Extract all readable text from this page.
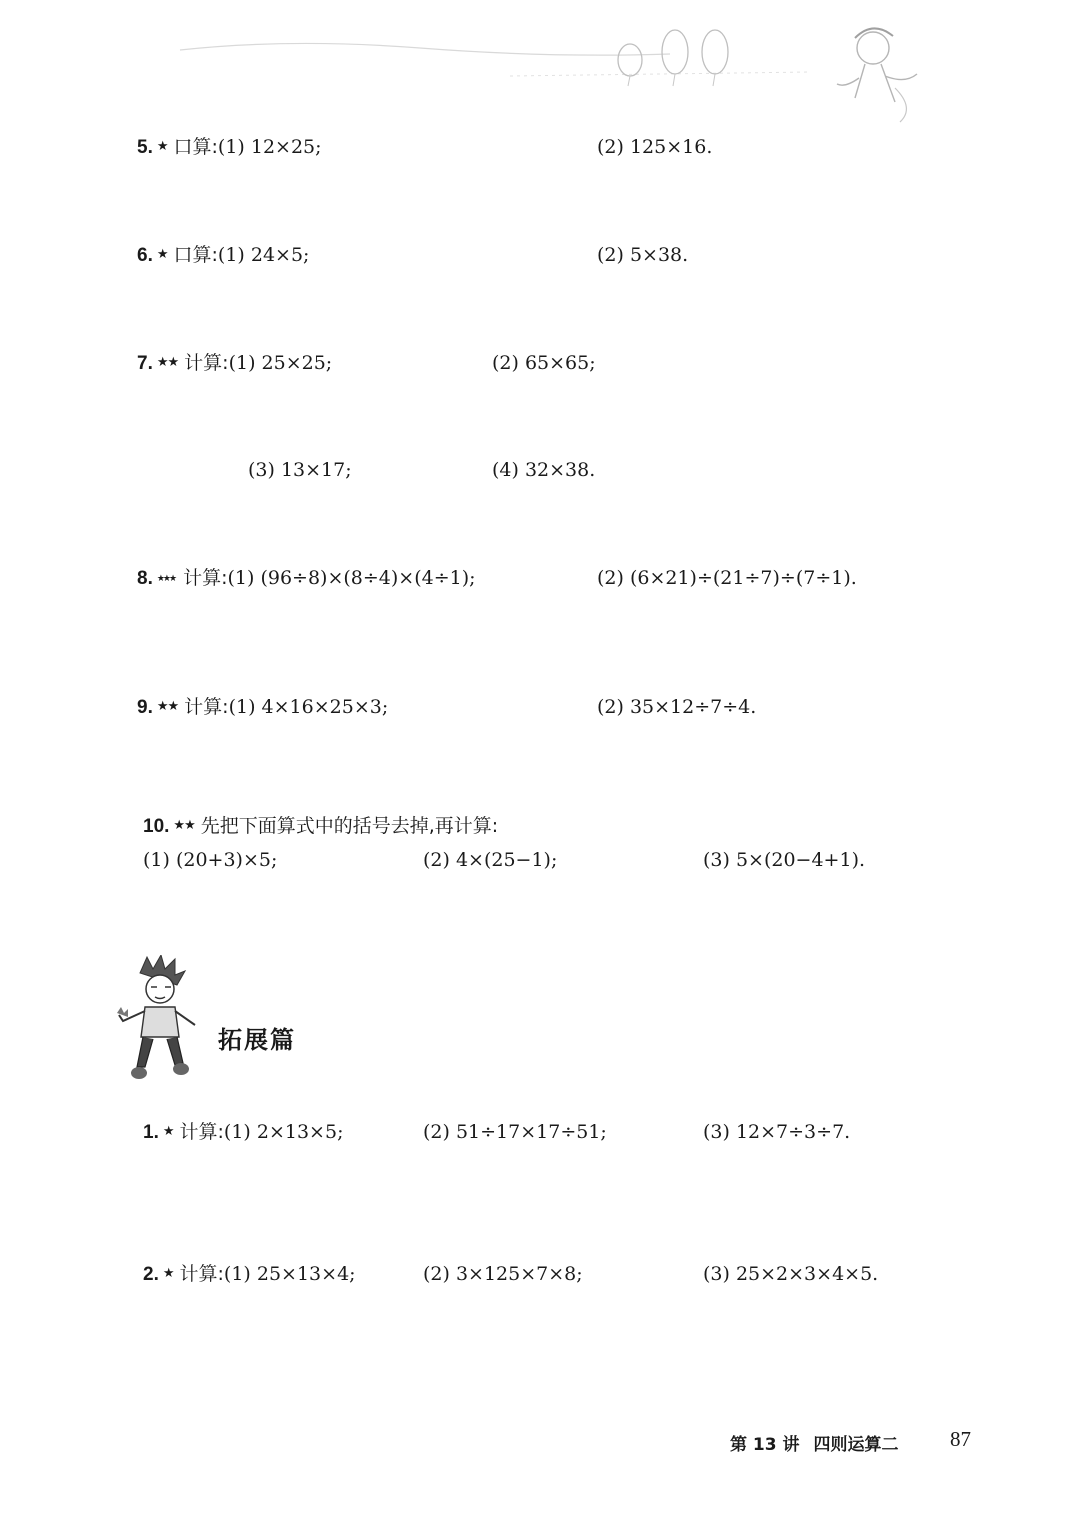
5. ★ 口算:(1) 12×25;	(2) 125×16.
6. ★ 口算:(1) 24×5;	(2) 5×38.
7. ★★ 计算:(1) 25×25;	(2) 65×65;
(3) 13×17;	(4) 32×38.
8. ★★★ 计算:(1) (96÷8)×(8÷4)×(4÷1);	(2) (6×21)÷(21÷7)÷(7÷1).
9. ★★ 计算:(1) 4×16×25×3;	(2) 35×12÷7÷4.
10. ★★ 先把下面算式中的括号去掉,再计算:
(1) (20+3)×5;	(2) 4×(25−1);	(3) 5×(20−4+1).
拓展篇
1. ★ 计算:(1) 2×13×5;	(2) 51÷17×17÷51;	(3) 12×7÷3÷7.
2. ★ 计算:(1) 25×13×4;	(2) 3×125×7×8;	(3) 25×2×3×4×5.
第 13 讲 四则运算二 87
